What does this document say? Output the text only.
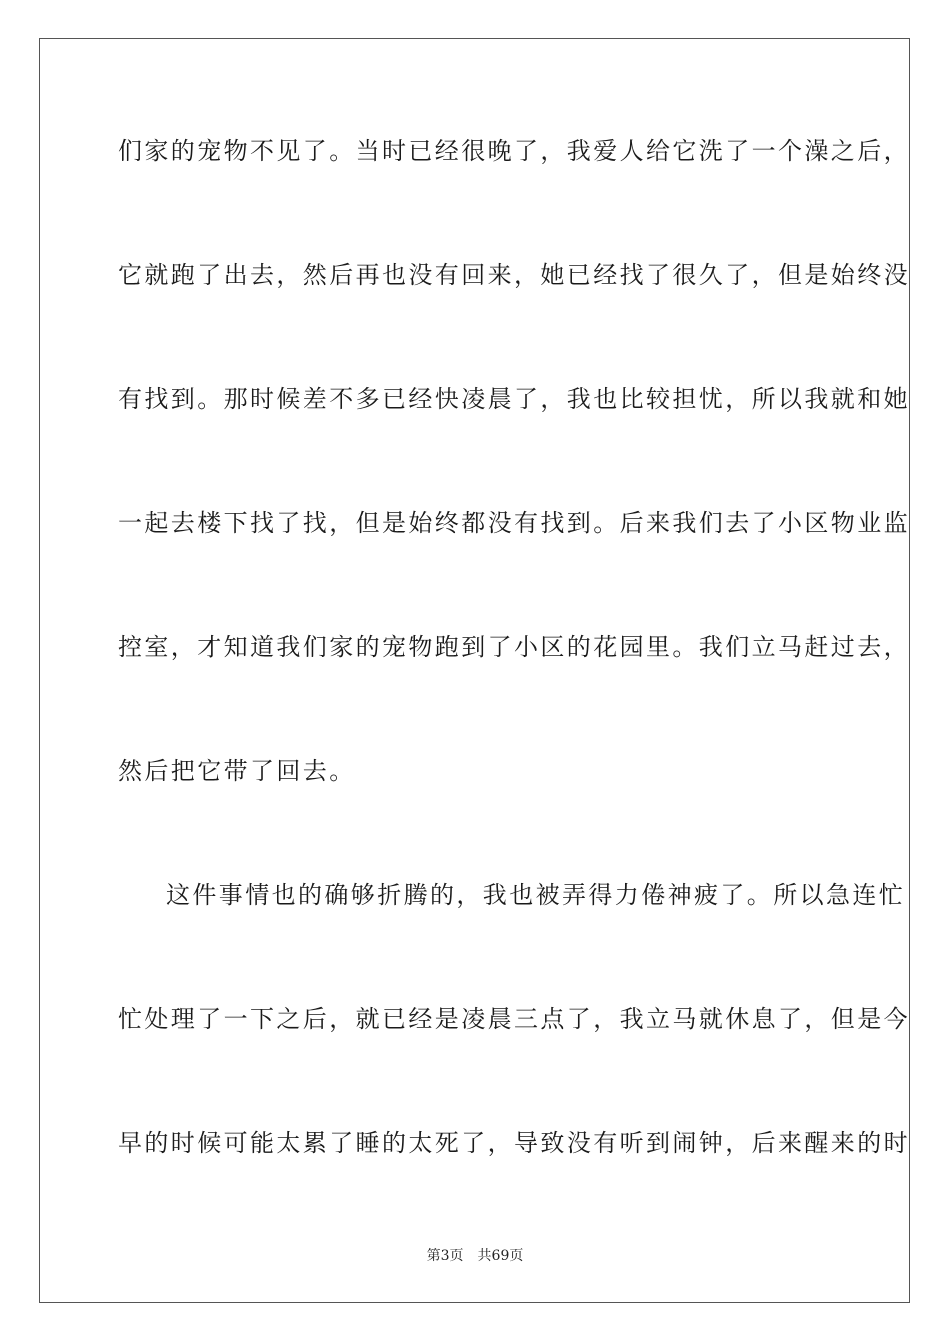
们家的宠物不见了。当时已经很晚了，我爱人给它洗了一个澡之后，
它就跑了出去，然后再也没有回来，她已经找了很久了，但是始终没
有找到。那时候差不多已经快凌晨了，我也比较担忧，所以我就和她
一起去楼下找了找，但是始终都没有找到。后来我们去了小区物业监
控室，才知道我们家的宠物跑到了小区的花园里。我们立马赶过去，
然后把它带了回去。
这件事情也的确够折腾的，我也被弄得力倦神疲了。所以急连忙
忙处理了一下之后，就已经是凌晨三点了，我立马就休息了，但是今
早的时候可能太累了睡的太死了，导致没有听到闹钟，后来醒来的时
第3页 共69页
